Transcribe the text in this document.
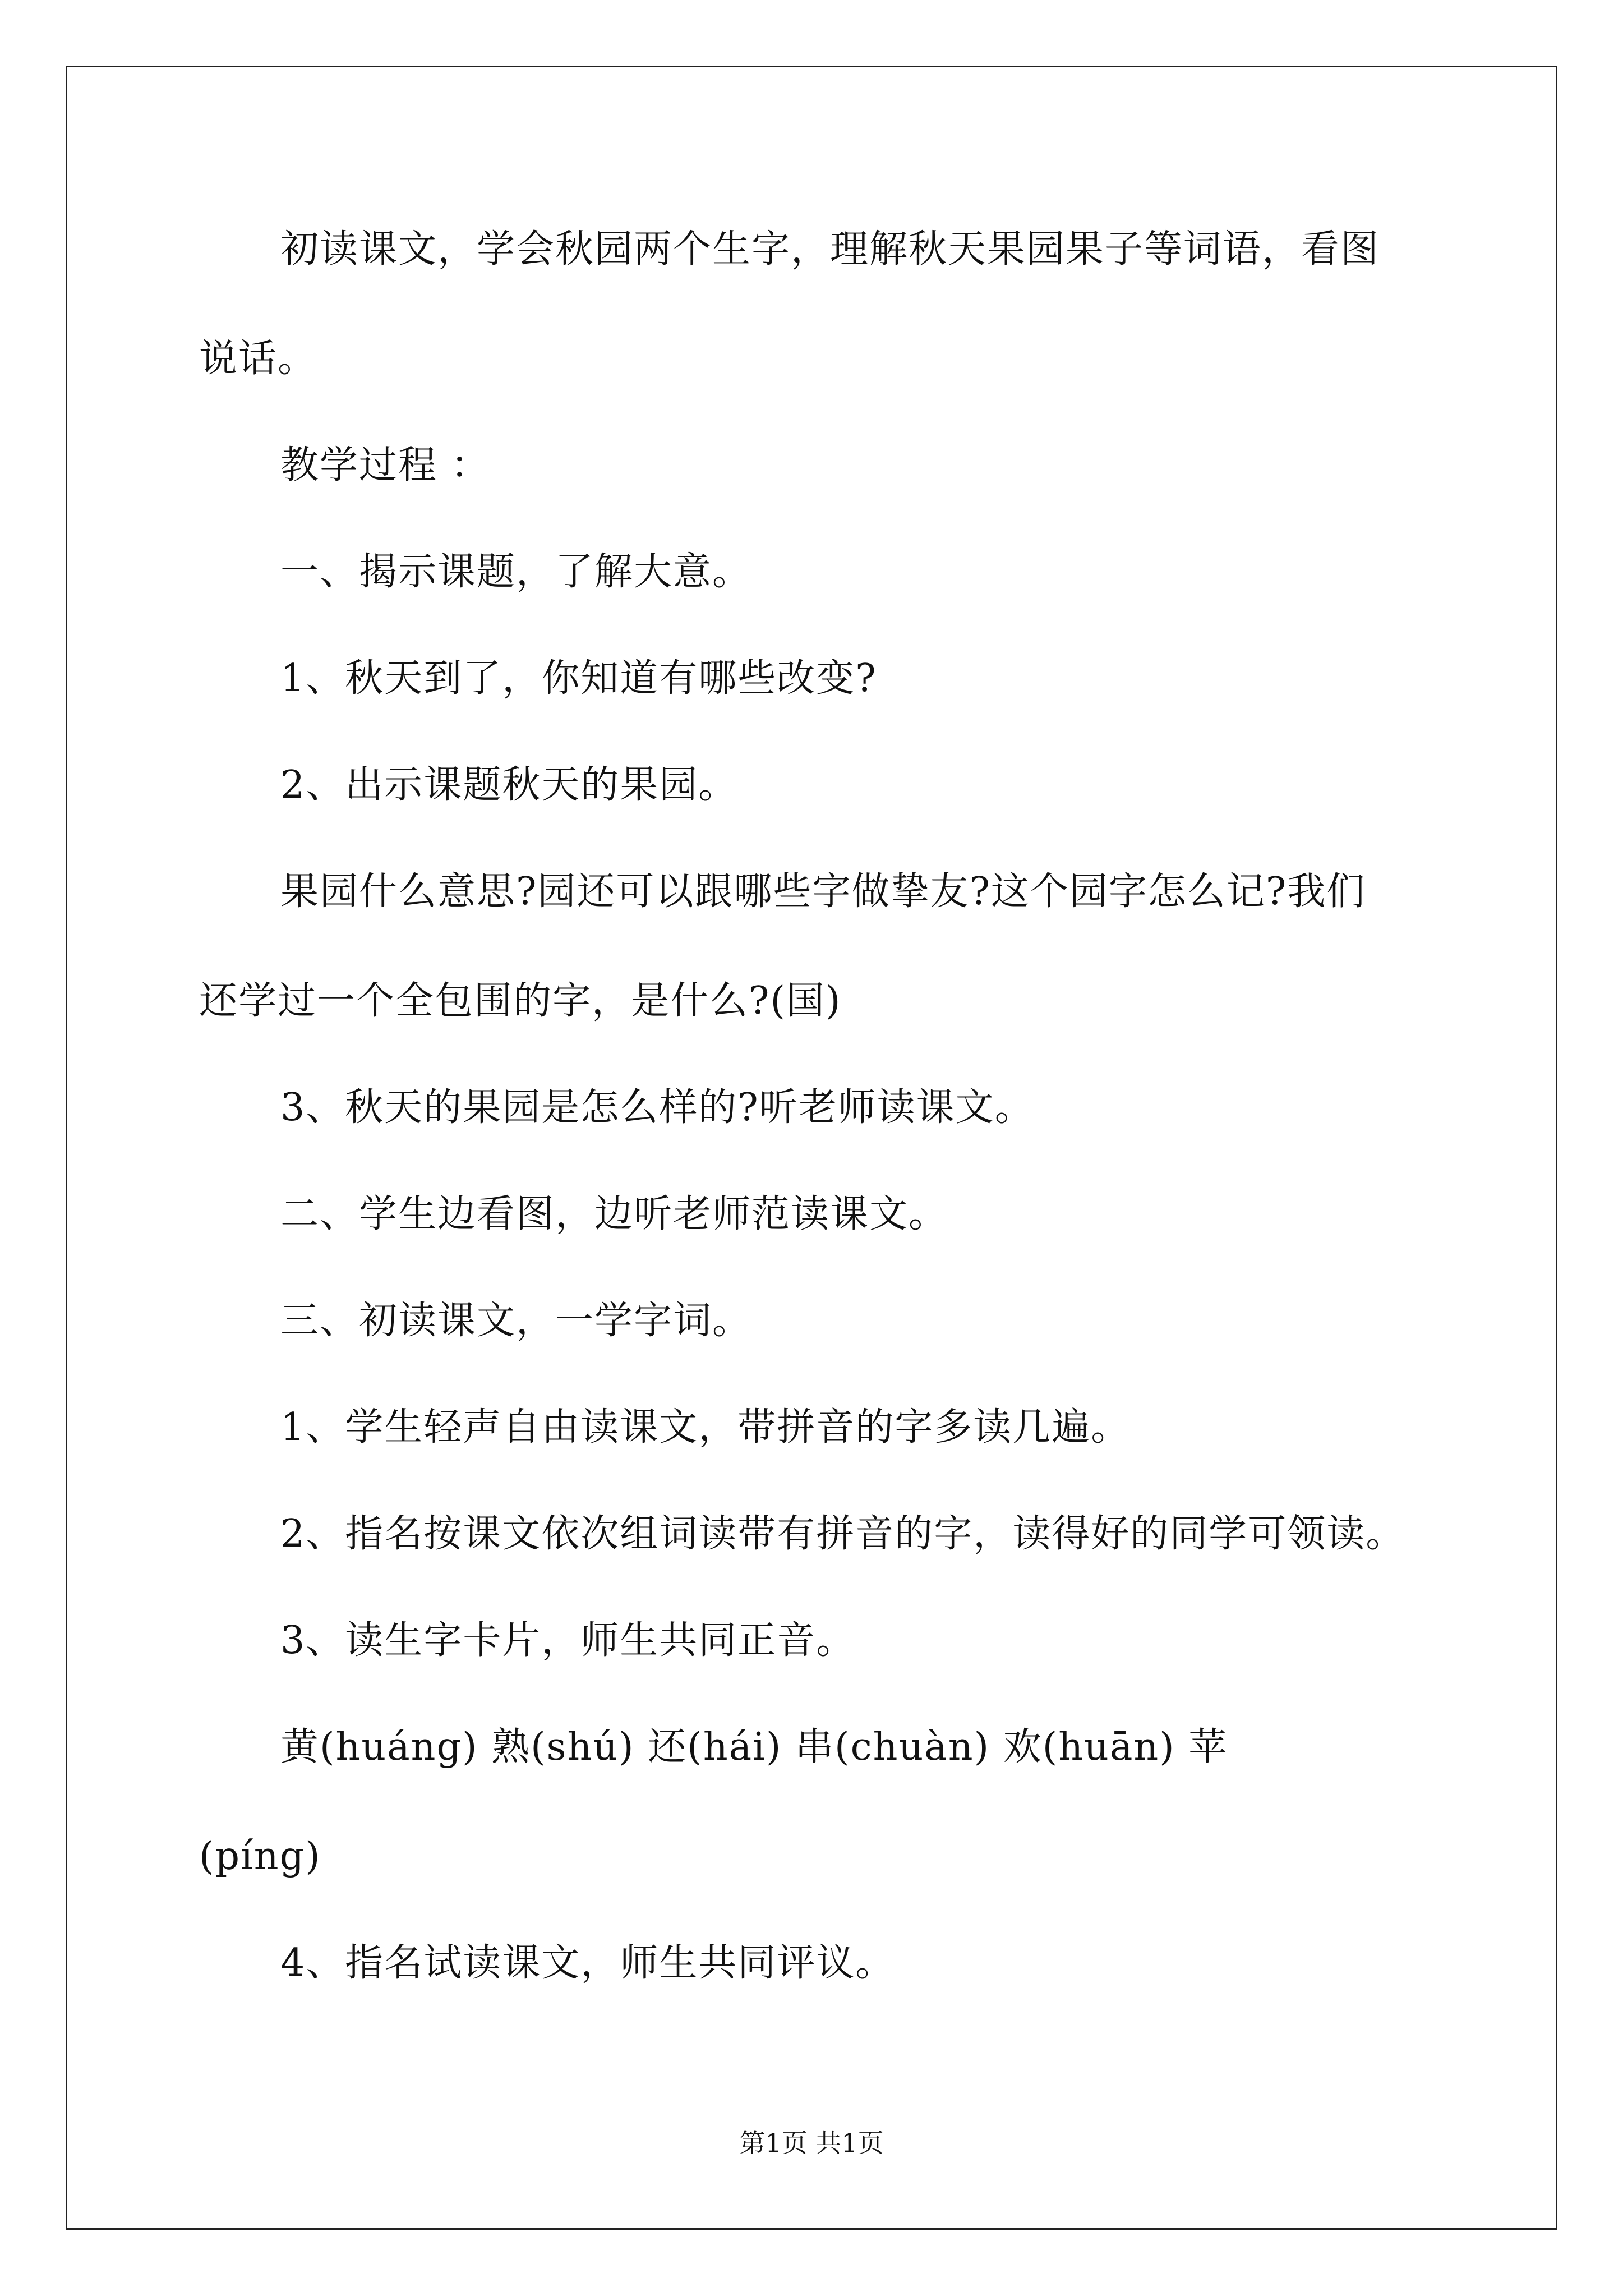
初读课文，学会秋园两个生字，理解秋天果园果子等词语，看图
说话。
教学过程 ：
一、揭示课题，了解大意。
1、秋天到了，你知道有哪些改变?
2、出示课题秋天的果园。
果园什么意思?园还可以跟哪些字做挚友?这个园字怎么记?我们
还学过一个全包围的字，是什么?(国)
3、秋天的果园是怎么样的?听老师读课文。
二、学生边看图，边听老师范读课文。
三、初读课文，一学字词。
1、学生轻声自由读课文，带拼音的字多读几遍。
2、指名按课文依次组词读带有拼音的字，读得好的同学可领读。
3、读生字卡片，师生共同正音。
黄(huáng) 熟(shú) 还(hái) 串(chuàn) 欢(huān) 苹
(píng)
4、指名试读课文，师生共同评议。
第1页 共1页
